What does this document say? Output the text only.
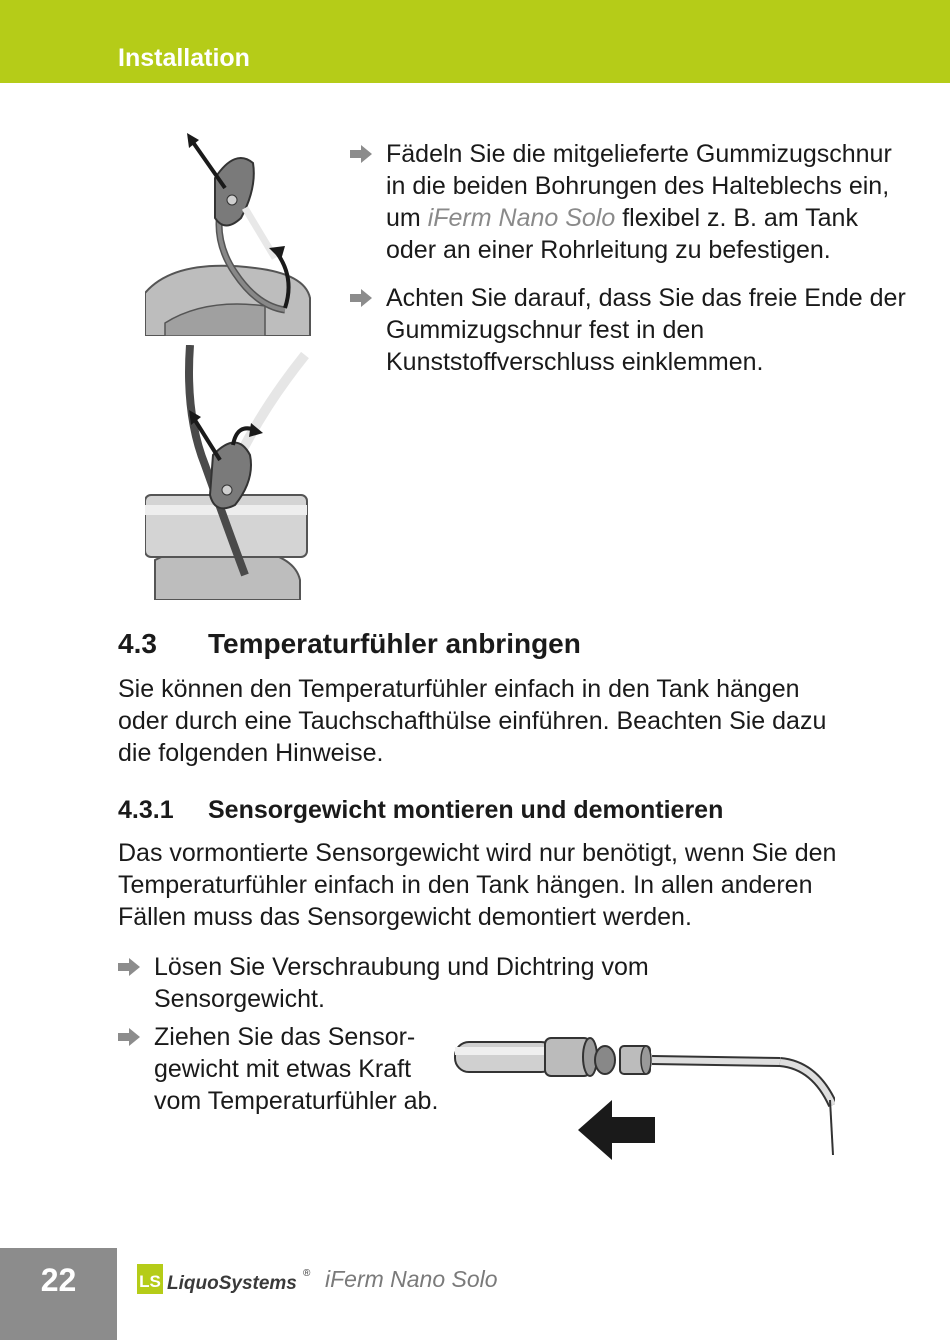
Installation
Fädeln Sie die mitgelieferte Gummizugschnur in die beiden Bohrungen des Halteblechs ein, um iFerm Nano Solo flexibel z. B. am Tank oder an einer Rohrleitung zu befestigen.
Achten Sie darauf, dass Sie das freie Ende der Gummizugschnur fest in den Kunststoffverschluss einklemmen.
4.3 Temperaturfühler anbringen
Sie können den Temperaturfühler einfach in den Tank hängen oder durch eine Tauchschafthülse einführen. Beachten Sie dazu die folgenden Hinweise.
4.3.1 Sensorgewicht montieren und demontieren
Das vormontierte Sensorgewicht wird nur benötigt, wenn Sie den Temperaturfühler einfach in den Tank hängen. In allen anderen Fällen muss das Sensorgewicht demontiert werden.
Lösen Sie Verschraubung und Dichtring vom Sensorgewicht.
Ziehen Sie das Sensor-gewicht mit etwas Kraft vom Temperaturfühler ab.
22	LS LiquoSystems ® iFerm Nano Solo
